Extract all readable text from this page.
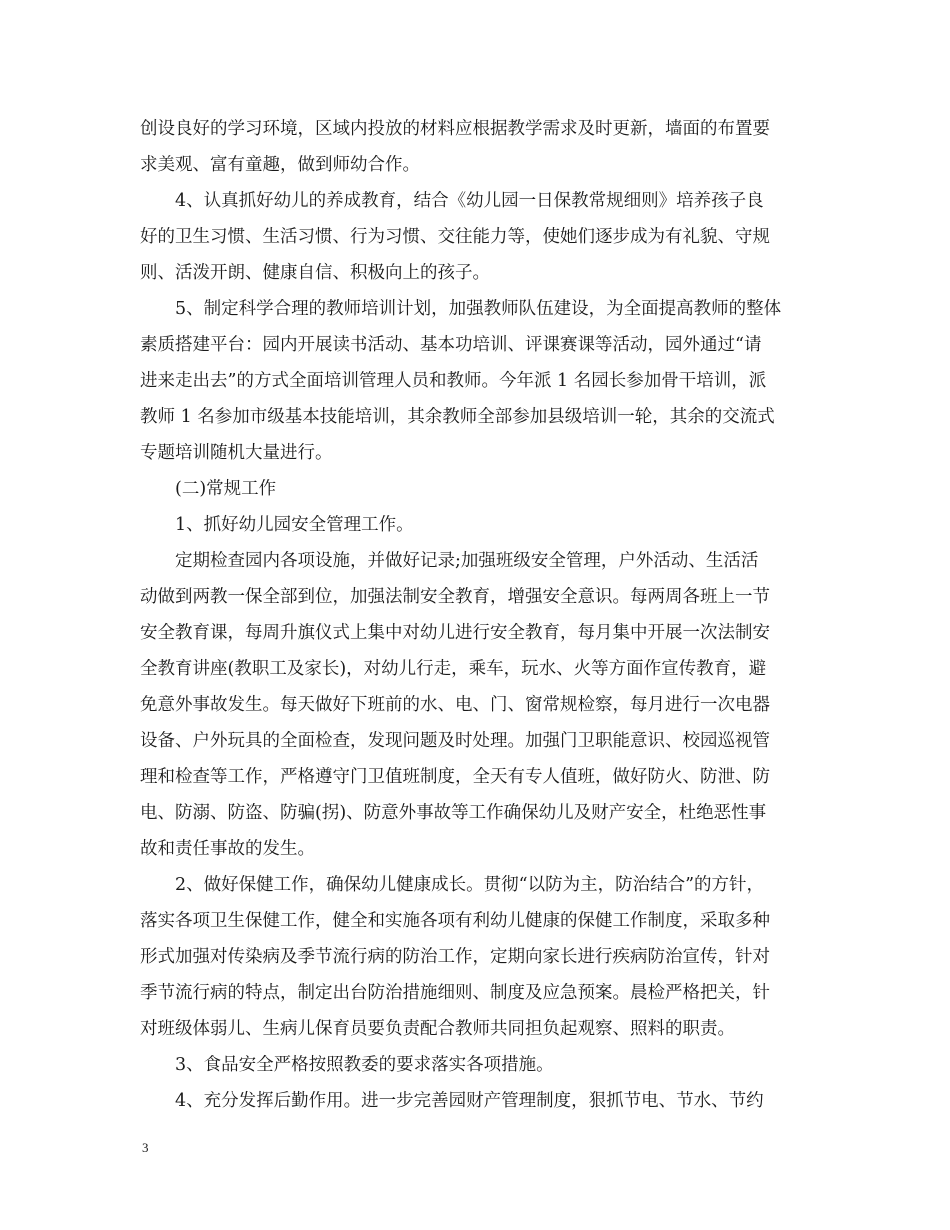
创设良好的学习环境，区域内投放的材料应根据教学需求及时更新，墙面的布置要
求美观、富有童趣，做到师幼合作。
4、认真抓好幼儿的养成教育，结合《幼儿园一日保教常规细则》培养孩子良
好的卫生习惯、生活习惯、行为习惯、交往能力等，使她们逐步成为有礼貌、守规
则、活泼开朗、健康自信、积极向上的孩子。
5、制定科学合理的教师培训计划，加强教师队伍建设，为全面提高教师的整体
素质搭建平台：园内开展读书活动、基本功培训、评课赛课等活动，园外通过“请
进来走出去”的方式全面培训管理人员和教师。今年派 1 名园长参加骨干培训，派
教师 1 名参加市级基本技能培训，其余教师全部参加县级培训一轮，其余的交流式
专题培训随机大量进行。
(二)常规工作
1、抓好幼儿园安全管理工作。
定期检查园内各项设施，并做好记录;加强班级安全管理，户外活动、生活活
动做到两教一保全部到位，加强法制安全教育，增强安全意识。每两周各班上一节
安全教育课，每周升旗仪式上集中对幼儿进行安全教育，每月集中开展一次法制安
全教育讲座(教职工及家长)，对幼儿行走，乘车，玩水、火等方面作宣传教育，避
免意外事故发生。每天做好下班前的水、电、门、窗常规检察，每月进行一次电器
设备、户外玩具的全面检查，发现问题及时处理。加强门卫职能意识、校园巡视管
理和检查等工作，严格遵守门卫值班制度，全天有专人值班，做好防火、防泄、防
电、防溺、防盗、防骗(拐)、防意外事故等工作确保幼儿及财产安全，杜绝恶性事
故和责任事故的发生。
2、做好保健工作，确保幼儿健康成长。贯彻“以防为主，防治结合”的方针，
落实各项卫生保健工作，健全和实施各项有利幼儿健康的保健工作制度，采取多种
形式加强对传染病及季节流行病的防治工作，定期向家长进行疾病防治宣传，针对
季节流行病的特点，制定出台防治措施细则、制度及应急预案。晨检严格把关，针
对班级体弱儿、生病儿保育员要负责配合教师共同担负起观察、照料的职责。
3、食品安全严格按照教委的要求落实各项措施。
4、充分发挥后勤作用。进一步完善园财产管理制度，狠抓节电、节水、节约
3
